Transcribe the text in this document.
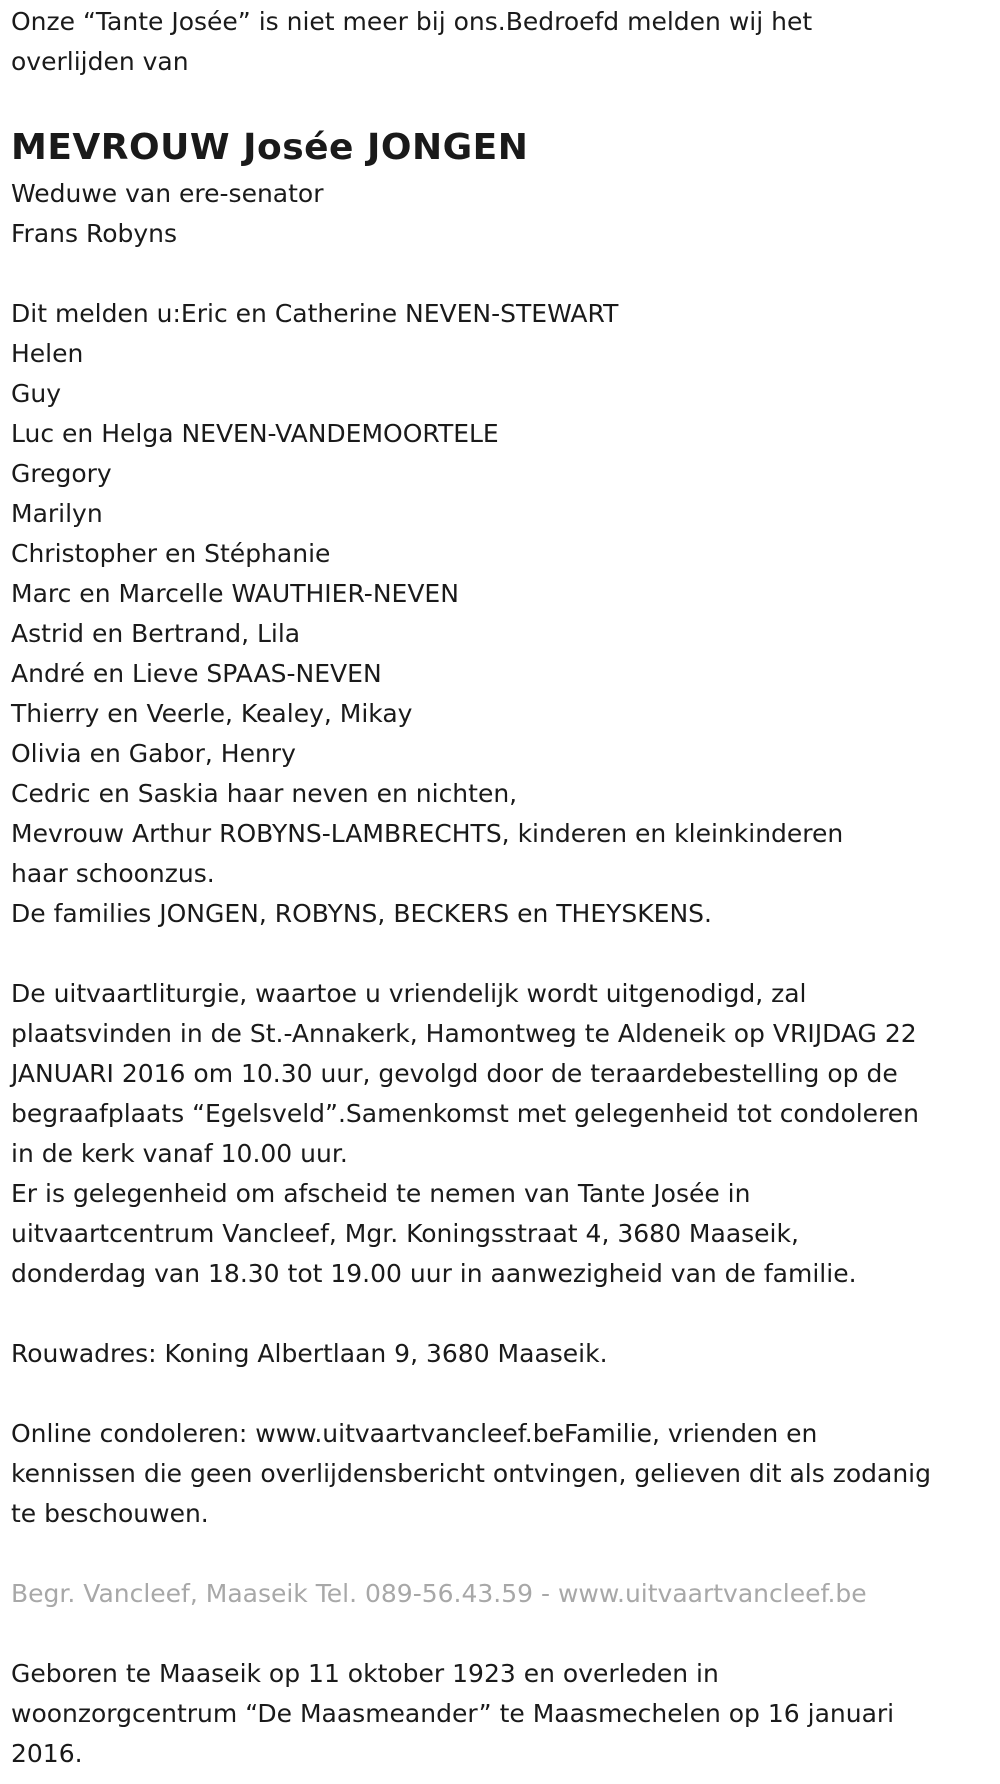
Onze “Tante Josée” is niet meer bij ons.Bedroefd melden wij het

overlijden van

MEVROUW Josée JONGEN

Weduwe van ere-senator

Frans Robyns

Dit melden u:Eric en Catherine NEVEN-STEWART

Helen

Guy

Luc en Helga NEVEN-VANDEMOORTELE

Gregory

Marilyn

Christopher en Stéphanie

Marc en Marcelle WAUTHIER-NEVEN

Astrid en Bertrand, Lila

André en Lieve SPAAS-NEVEN

Thierry en Veerle, Kealey, Mikay

Olivia en Gabor, Henry

Cedric en Saskia haar neven en nichten,

Mevrouw Arthur ROBYNS-LAMBRECHTS, kinderen en kleinkinderen

haar schoonzus.

De families JONGEN, ROBYNS, BECKERS en THEYSKENS.

De uitvaartliturgie, waartoe u vriendelijk wordt uitgenodigd, zal

plaatsvinden in de St.-Annakerk, Hamontweg te Aldeneik op VRIJDAG 22

JANUARI 2016 om 10.30 uur, gevolgd door de teraardebestelling op de

begraafplaats “Egelsveld”.Samenkomst met gelegenheid tot condoleren

in de kerk vanaf 10.00 uur.

Er is gelegenheid om afscheid te nemen van Tante Josée in

uitvaartcentrum Vancleef, Mgr. Koningsstraat 4, 3680 Maaseik,

donderdag van 18.30 tot 19.00 uur in aanwezigheid van de familie.

Rouwadres: Koning Albertlaan 9, 3680 Maaseik.

Online condoleren: www.uitvaartvancleef.beFamilie, vrienden en

kennissen die geen overlijdensbericht ontvingen, gelieven dit als zodanig

te beschouwen.

Begr. Vancleef, Maaseik Tel. 089-56.43.59 - www.uitvaartvancleef.be

Geboren te Maaseik op 11 oktober 1923 en overleden in

woonzorgcentrum “De Maasmeander” te Maasmechelen op 16 januari

2016.
